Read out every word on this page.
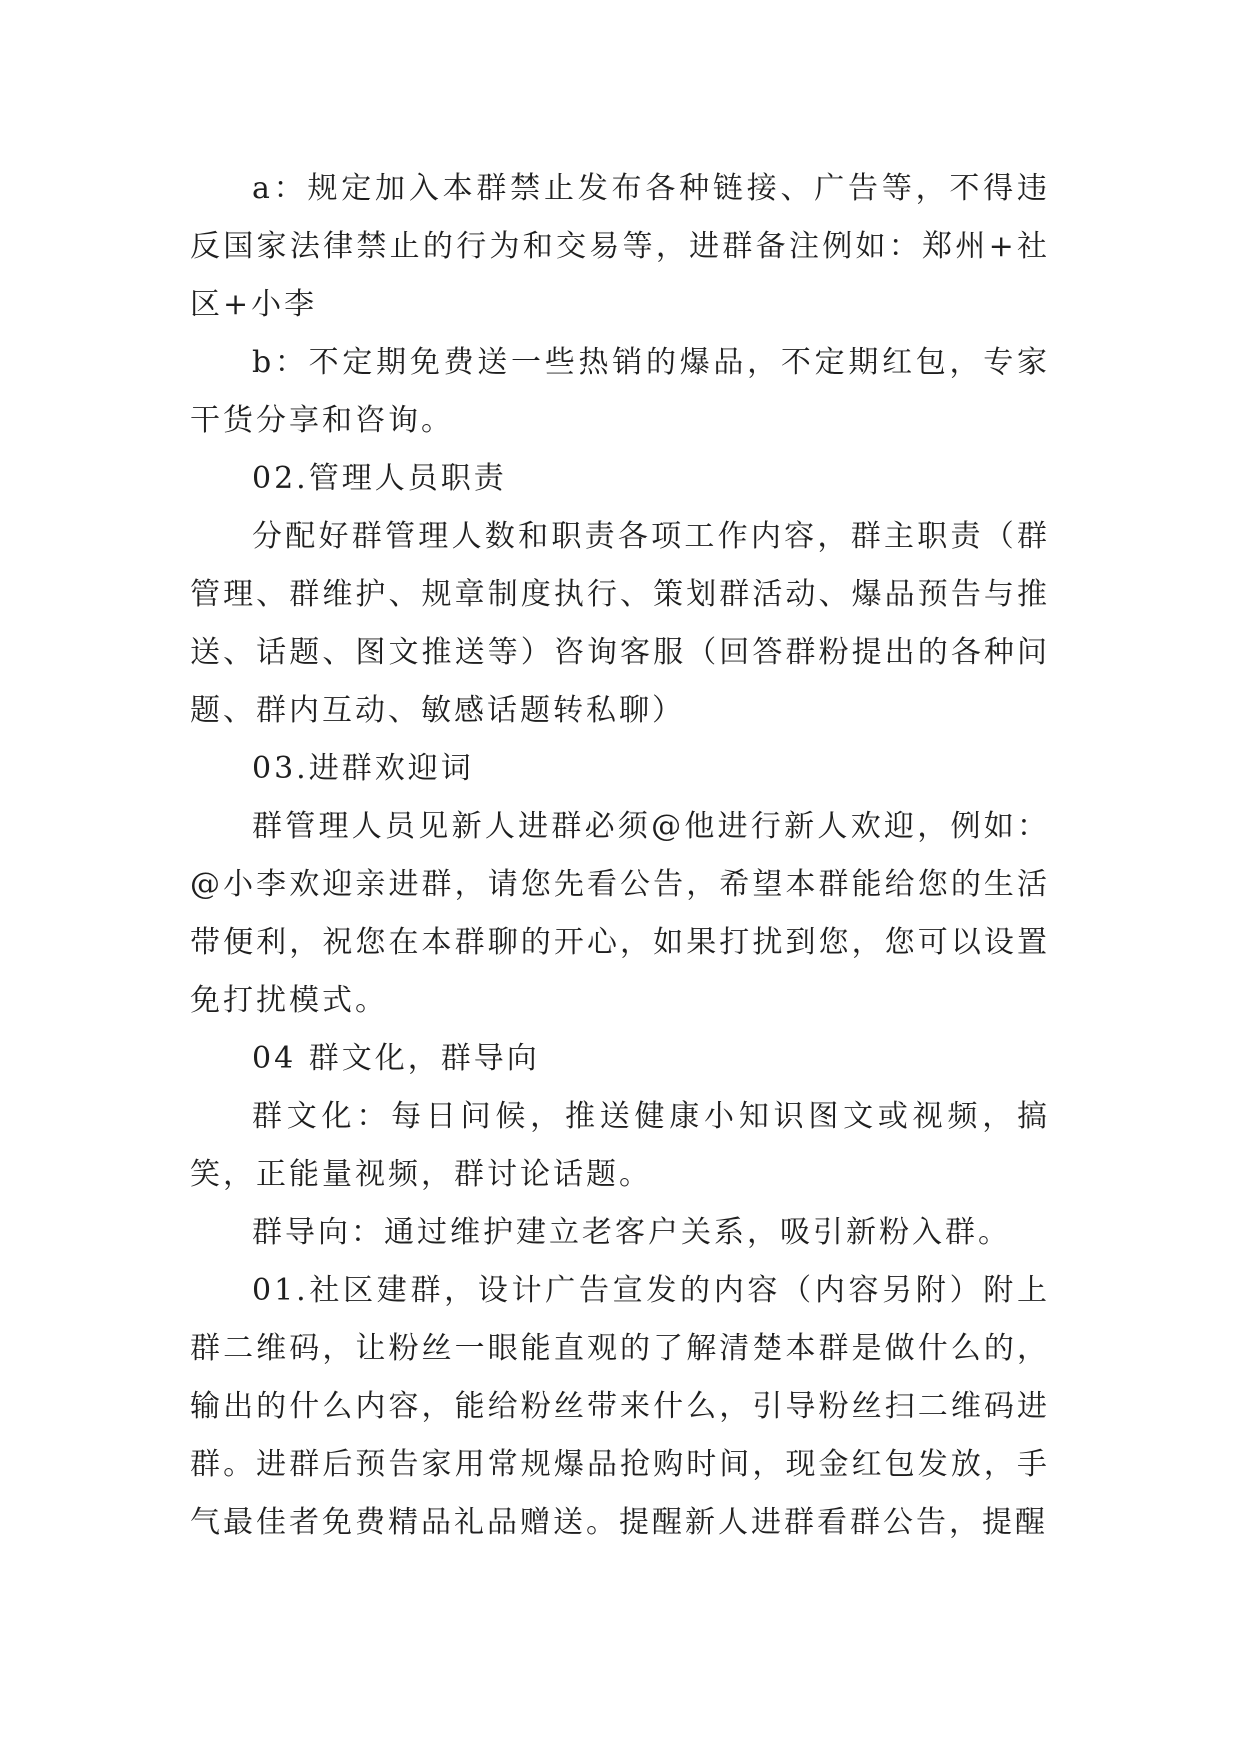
a：规定加入本群禁止发布各种链接、广告等，不得违反国家法律禁止的行为和交易等，进群备注例如：郑州+社区+小李

b：不定期免费送一些热销的爆品，不定期红包，专家干货分享和咨询。

02.管理人员职责

分配好群管理人数和职责各项工作内容，群主职责（群管理、群维护、规章制度执行、策划群活动、爆品预告与推送、话题、图文推送等）咨询客服（回答群粉提出的各种问题、群内互动、敏感话题转私聊）

03.进群欢迎词

群管理人员见新人进群必须@他进行新人欢迎，例如：@小李欢迎亲进群，请您先看公告，希望本群能给您的生活带便利，祝您在本群聊的开心，如果打扰到您，您可以设置免打扰模式。

04 群文化，群导向

群文化：每日问候，推送健康小知识图文或视频，搞笑，正能量视频，群讨论话题。

群导向：通过维护建立老客户关系，吸引新粉入群。

01.社区建群，设计广告宣发的内容（内容另附）附上群二维码，让粉丝一眼能直观的了解清楚本群是做什么的，输出的什么内容，能给粉丝带来什么，引导粉丝扫二维码进群。进群后预告家用常规爆品抢购时间，现金红包发放，手气最佳者免费精品礼品赠送。提醒新人进群看群公告，提醒
